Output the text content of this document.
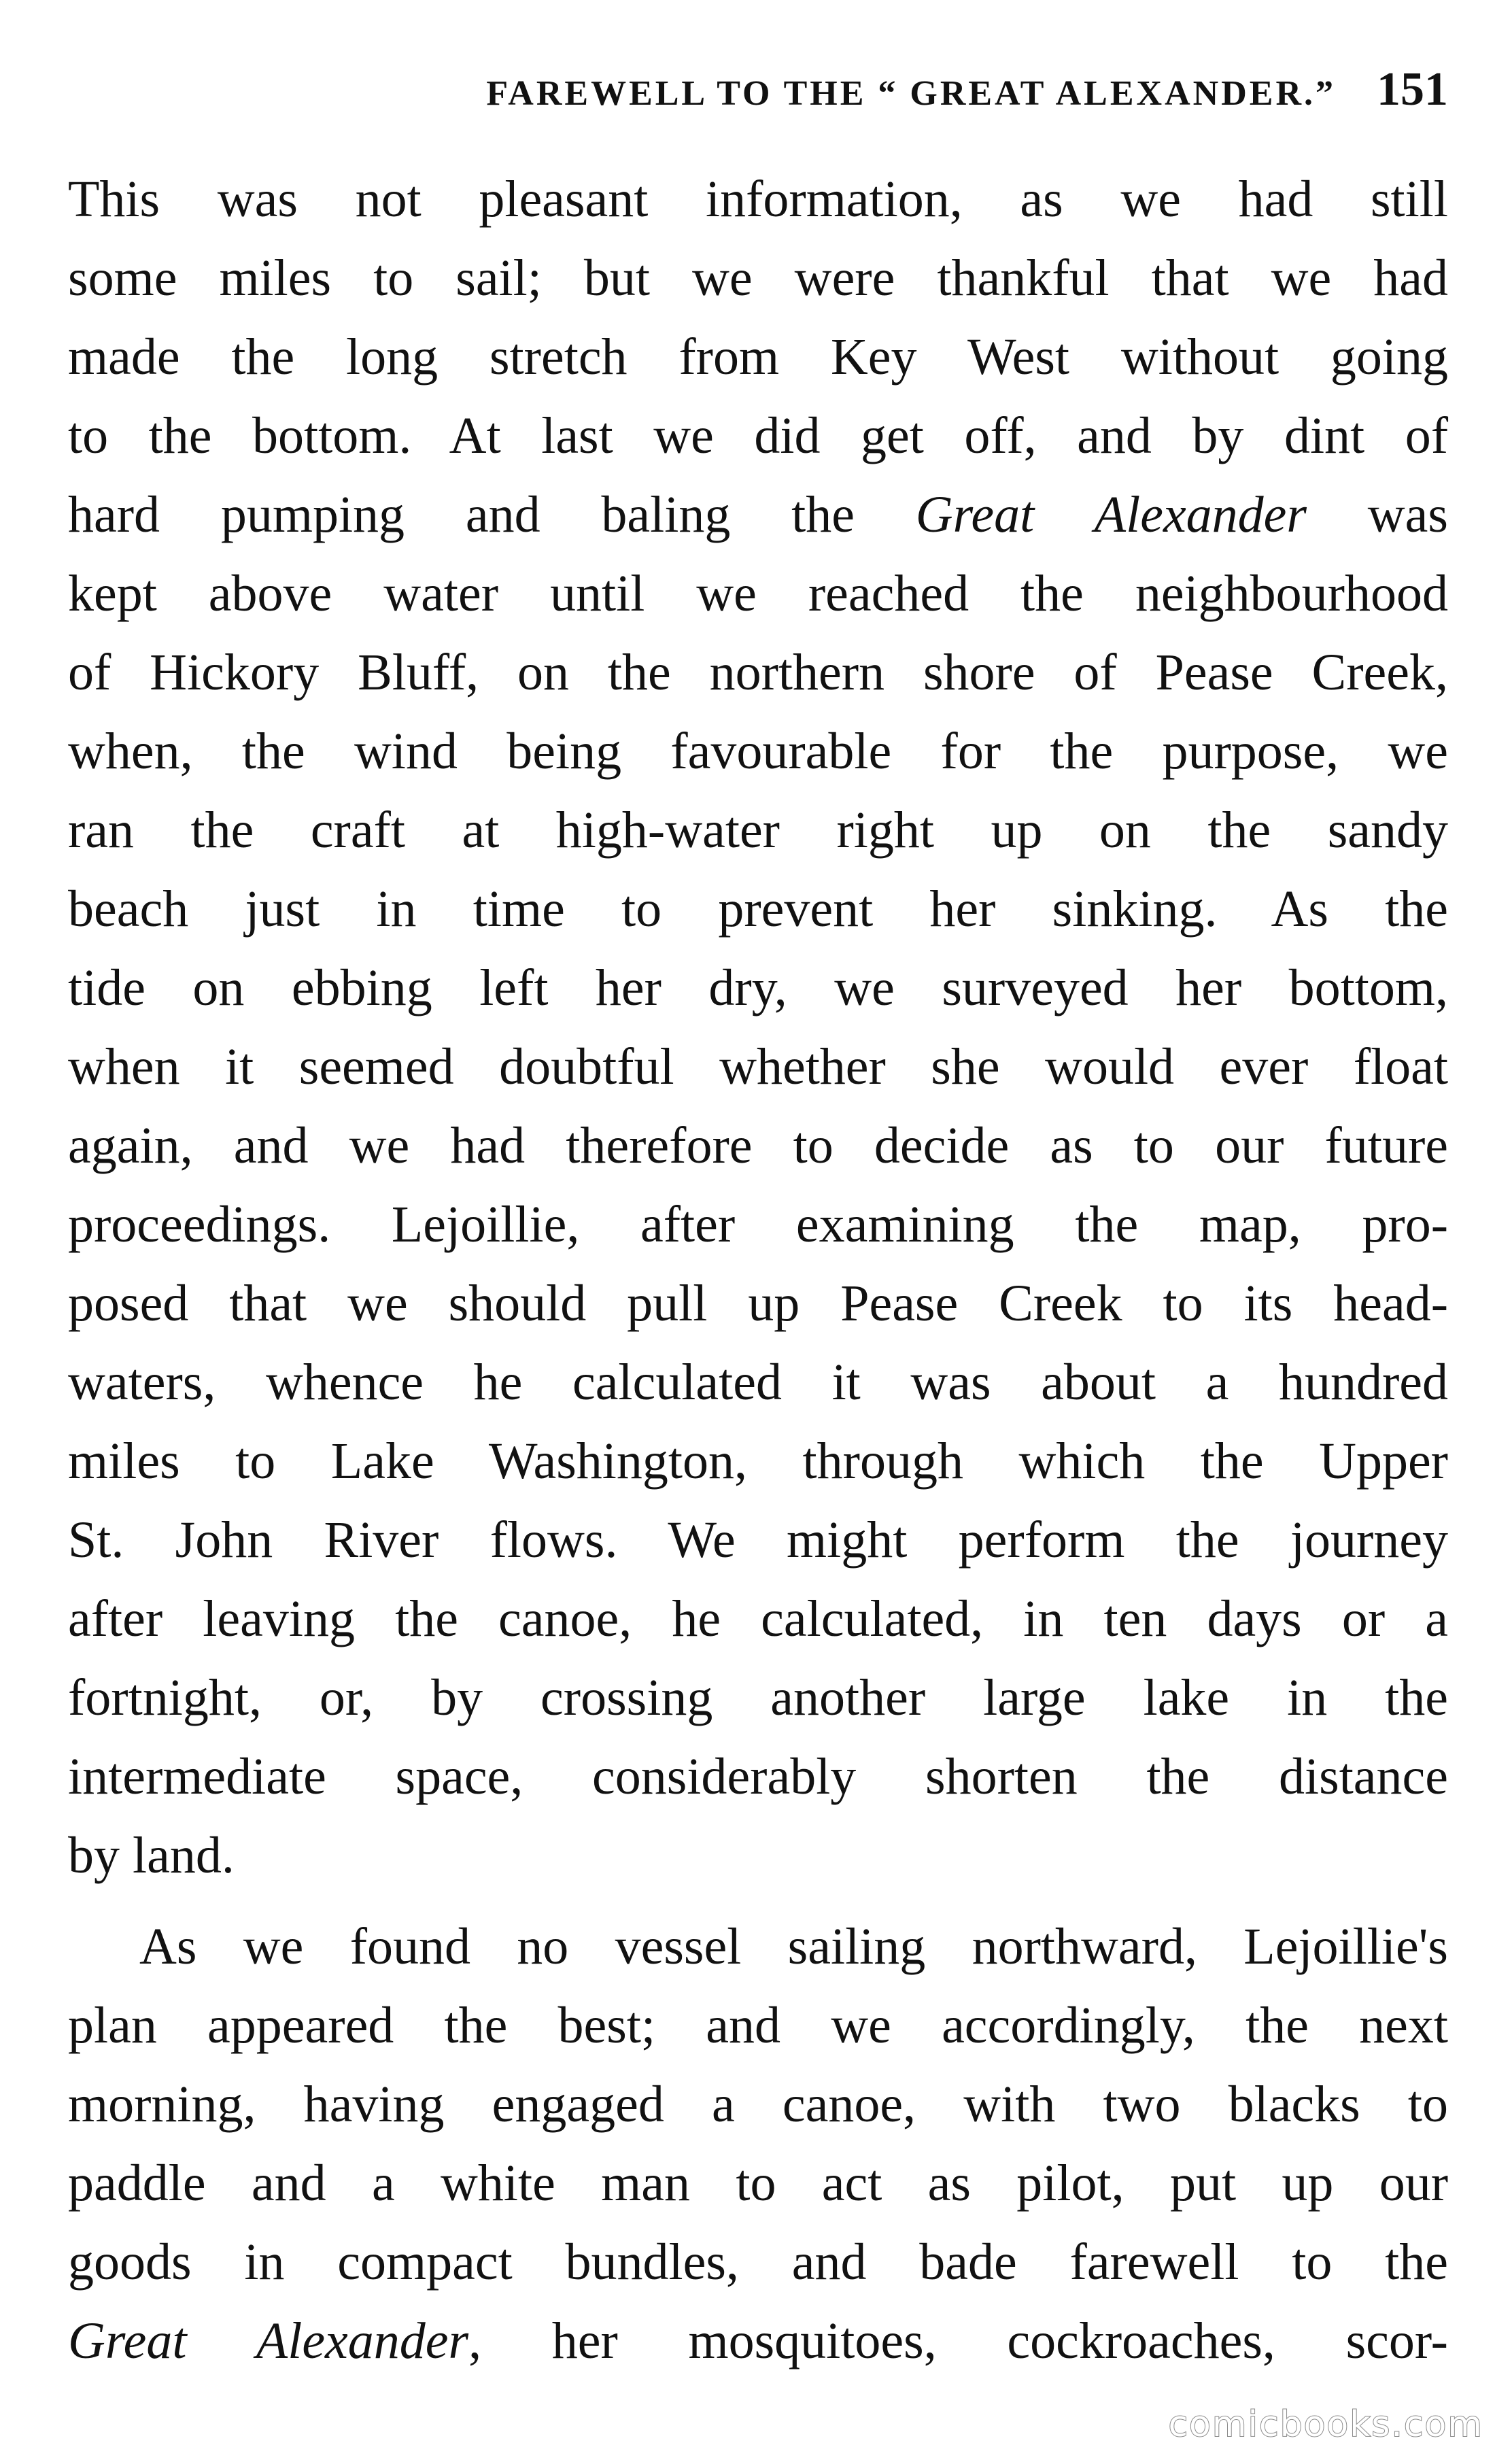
FAREWELL TO THE “ GREAT ALEXANDER.” 151
This was not pleasant information, as we had still
some miles to sail; but we were thankful that we had
made the long stretch from Key West without going
to the bottom. At last we did get off, and by dint of
hard pumping and baling the Great Alexander was
kept above water until we reached the neighbourhood
of Hickory Bluff, on the northern shore of Pease Creek,
when, the wind being favourable for the purpose, we
ran the craft at high-water right up on the sandy
beach just in time to prevent her sinking. As the
tide on ebbing left her dry, we surveyed her bottom,
when it seemed doubtful whether she would ever float
again, and we had therefore to decide as to our future
proceedings. Lejoillie, after examining the map, pro-
posed that we should pull up Pease Creek to its head-
waters, whence he calculated it was about a hundred
miles to Lake Washington, through which the Upper
St. John River flows. We might perform the journey
after leaving the canoe, he calculated, in ten days or a
fortnight, or, by crossing another large lake in the
intermediate space, considerably shorten the distance
by land.
As we found no vessel sailing northward, Lejoillie's
plan appeared the best; and we accordingly, the next
morning, having engaged a canoe, with two blacks to
paddle and a white man to act as pilot, put up our
goods in compact bundles, and bade farewell to the
Great Alexander, her mosquitoes, cockroaches, scor-
comicbooks.com
